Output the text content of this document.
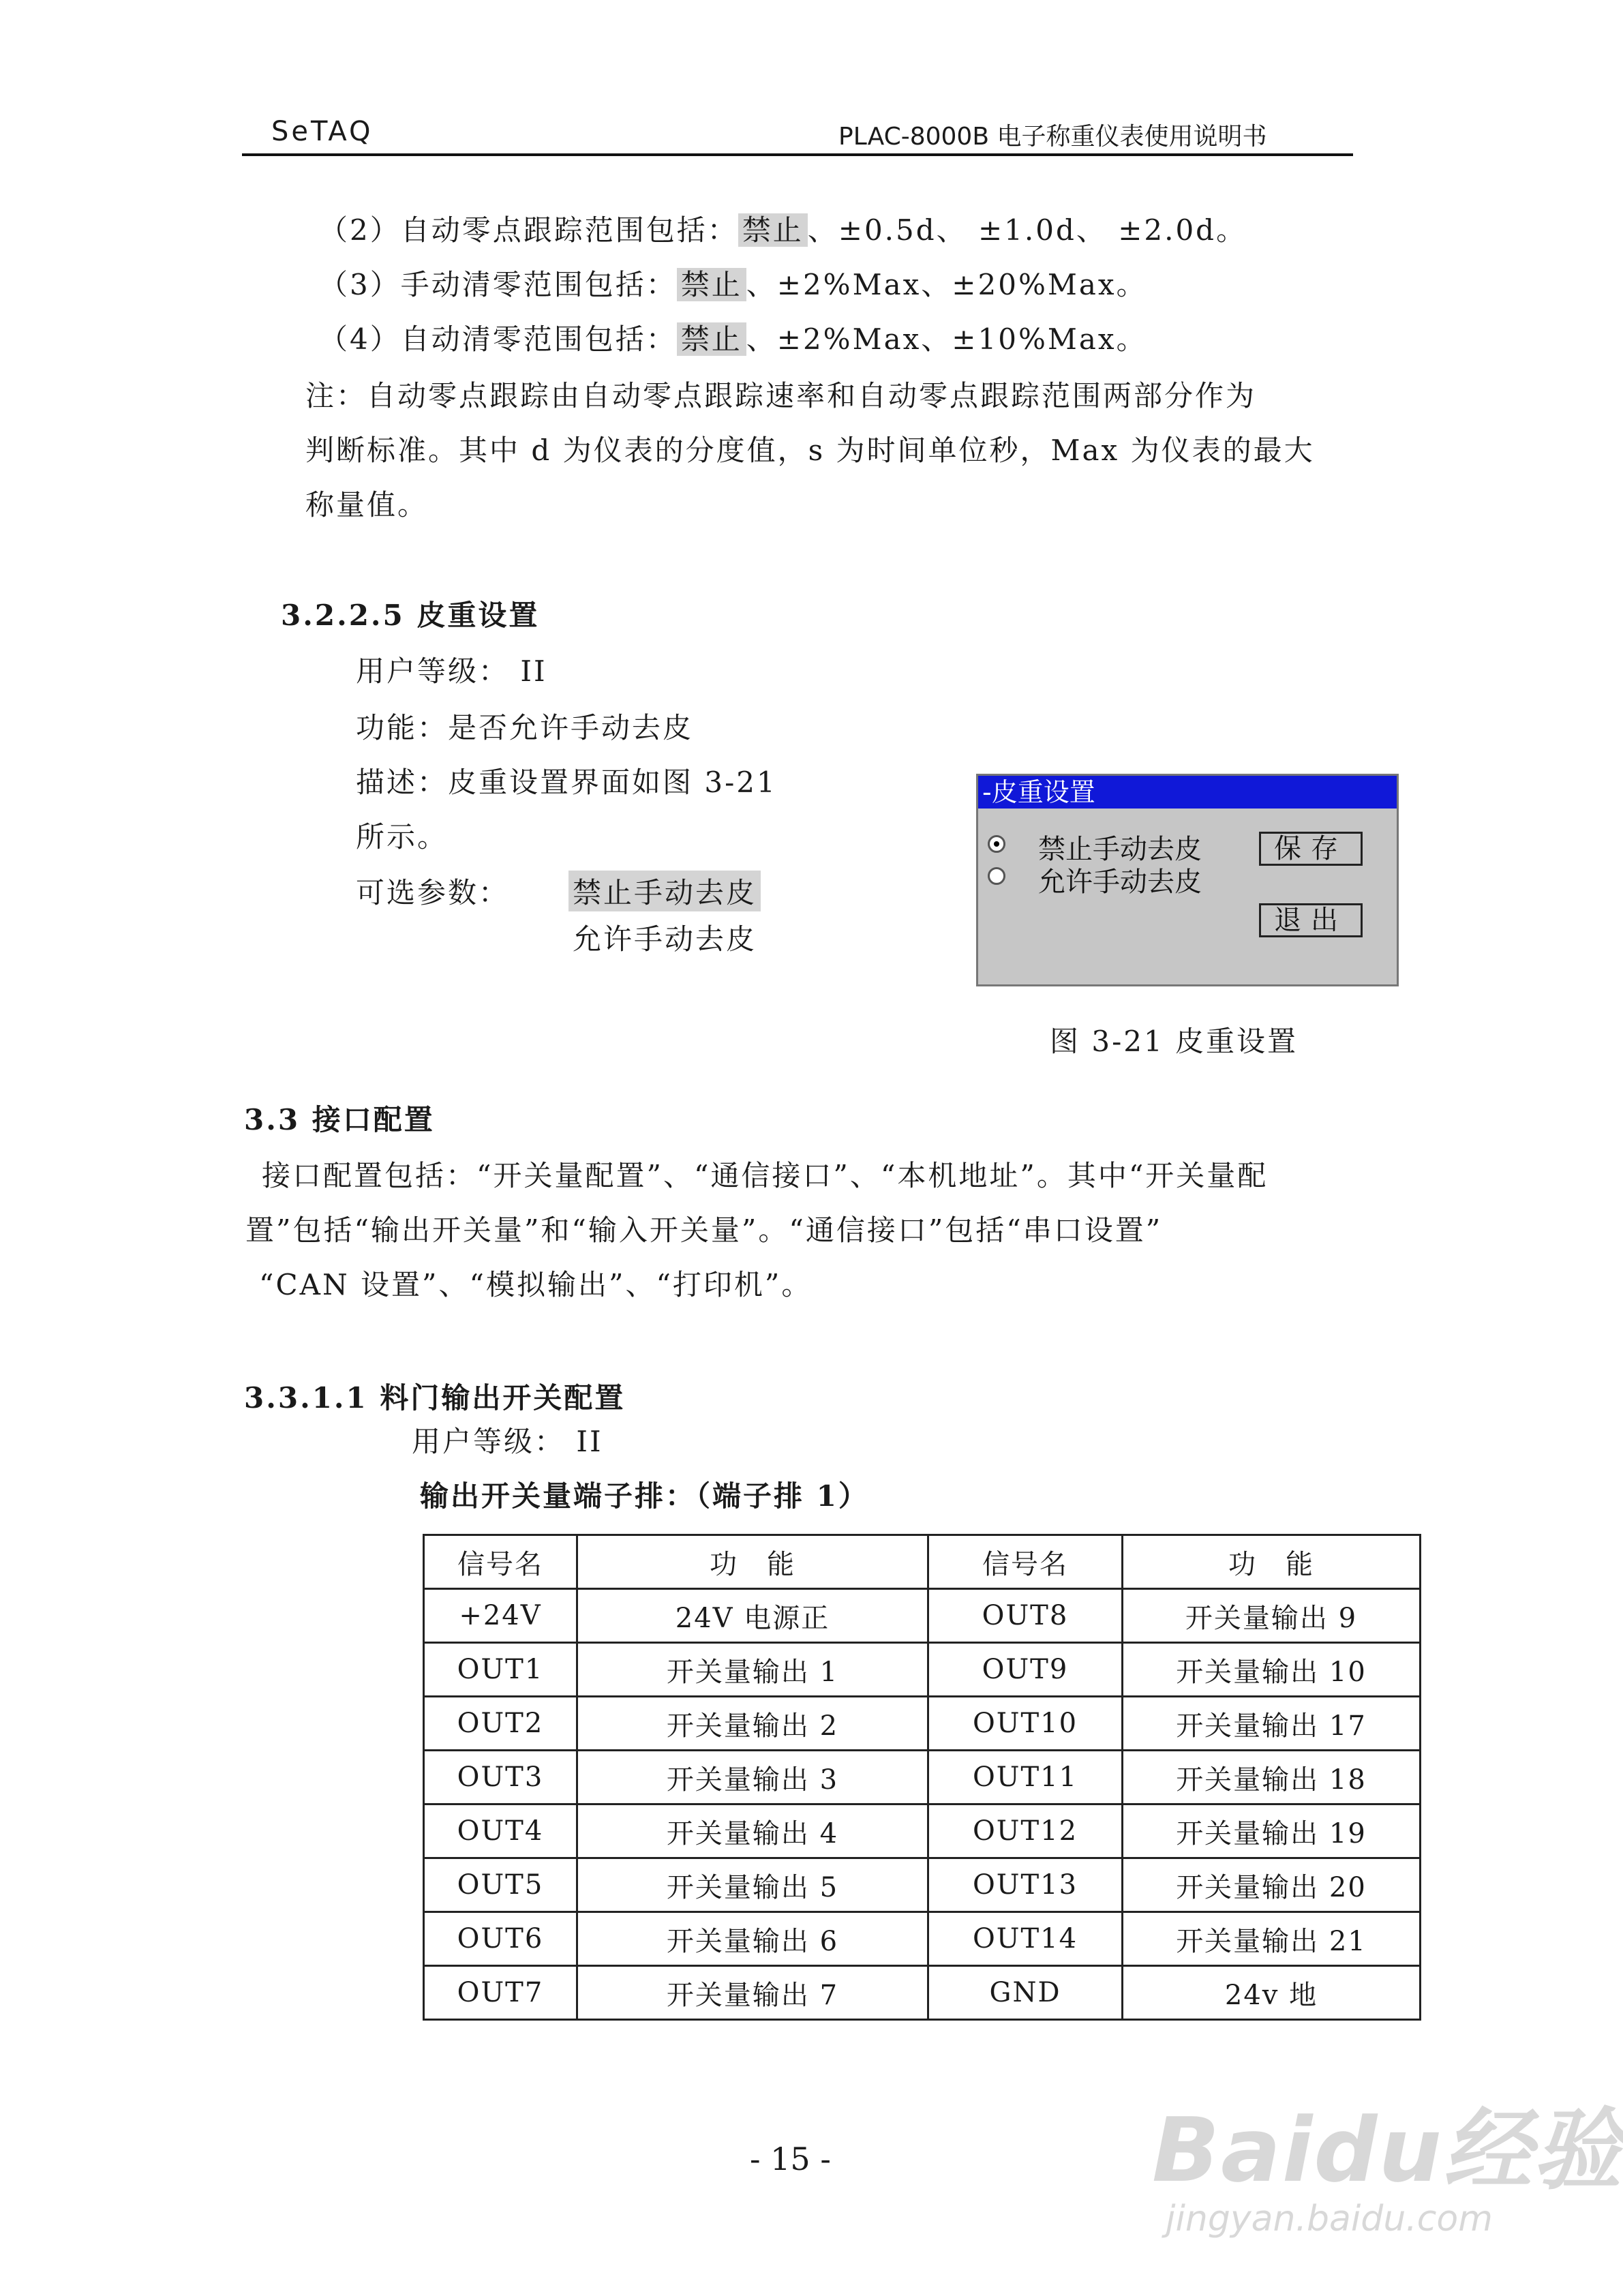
SeTAQ	PLAC-8000B 电子称重仪表使用说明书
（2）自动零点跟踪范围包括： 禁止 、±0.5d、 ±1.0d、 ±2.0d。
（3）手动清零范围包括： 禁止 、±2%Max、±20%Max。
（4）自动清零范围包括： 禁止 、±2%Max、±10%Max。
注：自动零点跟踪由自动零点跟踪速率和自动零点跟踪范围两部分作为
判断标准。其中 d 为仪表的分度值，s 为时间单位秒，Max 为仪表的最大
称量值。
3.2.2.5 皮重设置
用户等级： II
功能：是否允许手动去皮
描述：皮重设置界面如图 3-21
所示。
可选参数： 禁止手动去皮
允许手动去皮
-皮重设置
禁止手动去皮
允许手动去皮
保存
退出
图 3-21 皮重设置
3.3 接口配置
接口配置包括：“开关量配置”、“通信接口”、“本机地址”。其中“开关量配
置”包括“输出开关量”和“输入开关量”。“通信接口”包括“串口设置”
“CAN 设置”、“模拟输出”、“打印机”。
3.3.1.1 料门输出开关配置
用户等级： II
输出开关量端子排：（端子排 1）
信号名	功　能	信号名	功　能
+24V	24V 电源正	OUT8	开关量输出 9
OUT1	开关量输出 1	OUT9	开关量输出 10
OUT2	开关量输出 2	OUT10	开关量输出 17
OUT3	开关量输出 3	OUT11	开关量输出 18
OUT4	开关量输出 4	OUT12	开关量输出 19
OUT5	开关量输出 5	OUT13	开关量输出 20
OUT6	开关量输出 6	OUT14	开关量输出 21
OUT7	开关量输出 7	GND	24v 地
- 15 -	Baidu经验
jingyan.baidu.com
